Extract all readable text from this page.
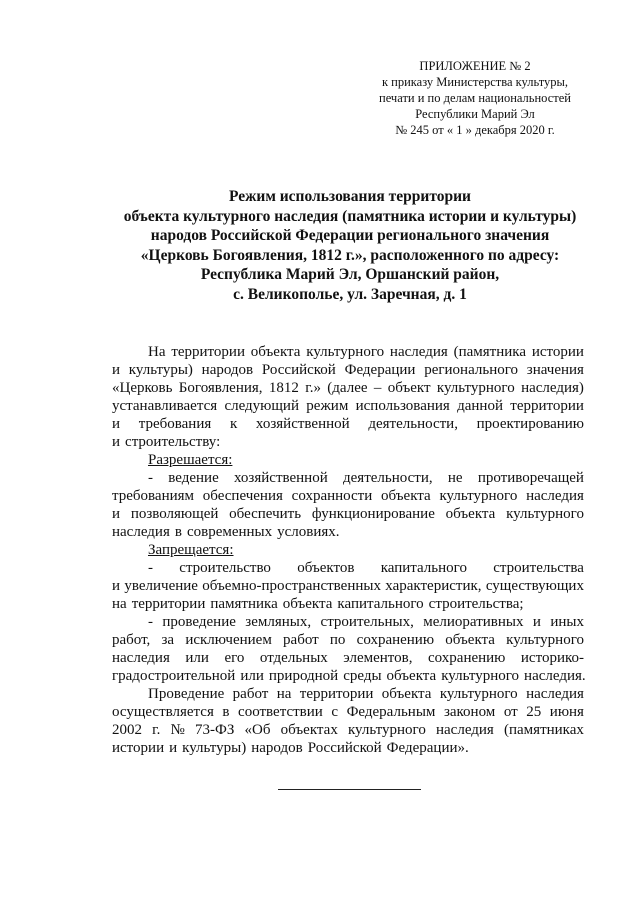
ПРИЛОЖЕНИЕ № 2
к приказу Министерства культуры,
печати и по делам национальностей
Республики Марий Эл
№ 245 от « 1 » декабря 2020 г.
Режим использования территории
объекта культурного наследия (памятника истории и культуры)
народов Российской Федерации регионального значения
«Церковь Богоявления, 1812 г.», расположенного по адресу:
Республика Марий Эл, Оршанский район,
с. Великополье, ул. Заречная, д. 1
На территории объекта культурного наследия (памятника истории
и культуры) народов Российской Федерации регионального значения
«Церковь Богоявления, 1812 г.» (далее – объект культурного наследия)
устанавливается следующий режим использования данной территории
и требования к хозяйственной деятельности, проектированию
и строительству:
Разрешается:
- ведение хозяйственной деятельности, не противоречащей
требованиям обеспечения сохранности объекта культурного наследия
и позволяющей обеспечить функционирование объекта культурного
наследия в современных условиях.
Запрещается:
- строительство объектов капитального строительства
и увеличение объемно-пространственных характеристик, существующих
на территории памятника объекта капитального строительства;
- проведение земляных, строительных, мелиоративных и иных
работ, за исключением работ по сохранению объекта культурного
наследия или его отдельных элементов, сохранению историко-
градостроительной или природной среды объекта культурного наследия.
Проведение работ на территории объекта культурного наследия
осуществляется в соответствии с Федеральным законом от 25 июня
2002 г. № 73-ФЗ «Об объектах культурного наследия (памятниках
истории и культуры) народов Российской Федерации».
